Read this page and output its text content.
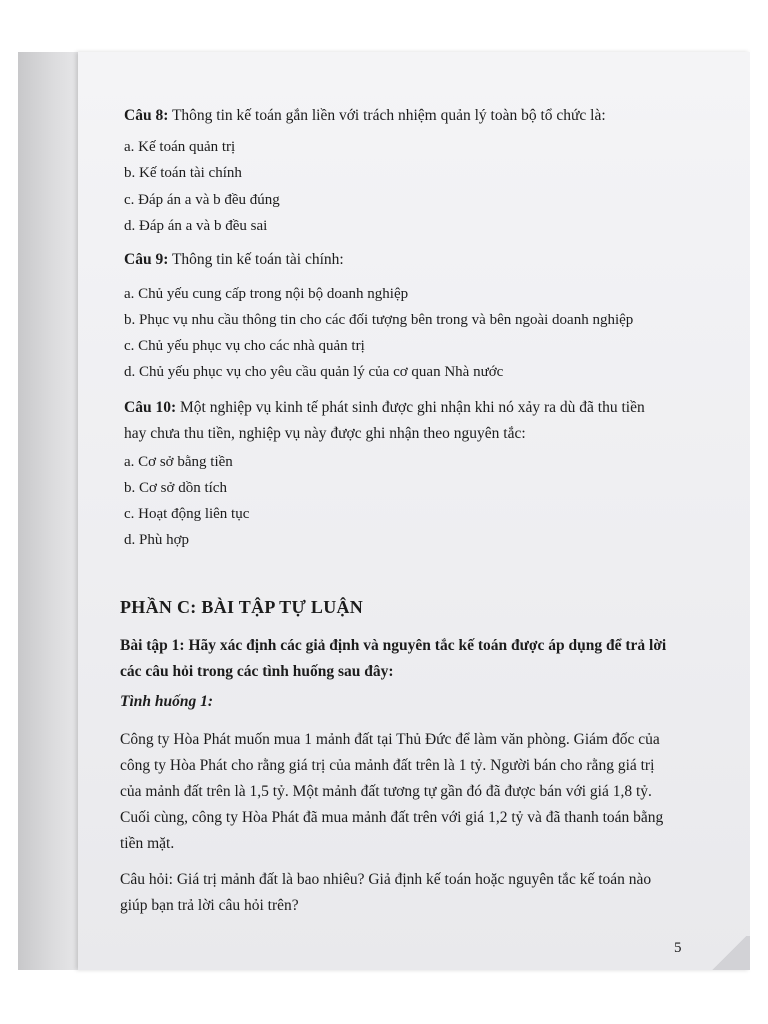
Câu 8: Thông tin kế toán gắn liền với trách nhiệm quản lý toàn bộ tổ chức là:
a. Kế toán quản trị
b. Kế toán tài chính
c. Đáp án a và b đều đúng
d. Đáp án a và b đều sai
Câu 9: Thông tin kế toán tài chính:
a. Chủ yếu cung cấp trong nội bộ doanh nghiệp
b. Phục vụ nhu cầu thông tin cho các đối tượng bên trong và bên ngoài doanh nghiệp
c. Chủ yếu phục vụ cho các nhà quản trị
d. Chủ yếu phục vụ cho yêu cầu quản lý của cơ quan Nhà nước
Câu 10: Một nghiệp vụ kinh tế phát sinh được ghi nhận khi nó xảy ra dù đã thu tiền
hay chưa thu tiền, nghiệp vụ này được ghi nhận theo nguyên tắc:
a. Cơ sở bằng tiền
b. Cơ sở dồn tích
c. Hoạt động liên tục
d. Phù hợp
PHẦN C: BÀI TẬP TỰ LUẬN
Bài tập 1: Hãy xác định các giả định và nguyên tắc kế toán được áp dụng để trả lời
các câu hỏi trong các tình huống sau đây:
Tình huống 1:
Công ty Hòa Phát muốn mua 1 mảnh đất tại Thủ Đức để làm văn phòng. Giám đốc của
công ty Hòa Phát cho rằng giá trị của mảnh đất trên là 1 tỷ. Người bán cho rằng giá trị
của mảnh đất trên là 1,5 tỷ. Một mảnh đất tương tự gần đó đã được bán với giá 1,8 tỷ.
Cuối cùng, công ty Hòa Phát đã mua mảnh đất trên với giá 1,2 tỷ và đã thanh toán bằng
tiền mặt.
Câu hỏi: Giá trị mảnh đất là bao nhiêu? Giả định kế toán hoặc nguyên tắc kế toán nào
giúp bạn trả lời câu hỏi trên?
5
